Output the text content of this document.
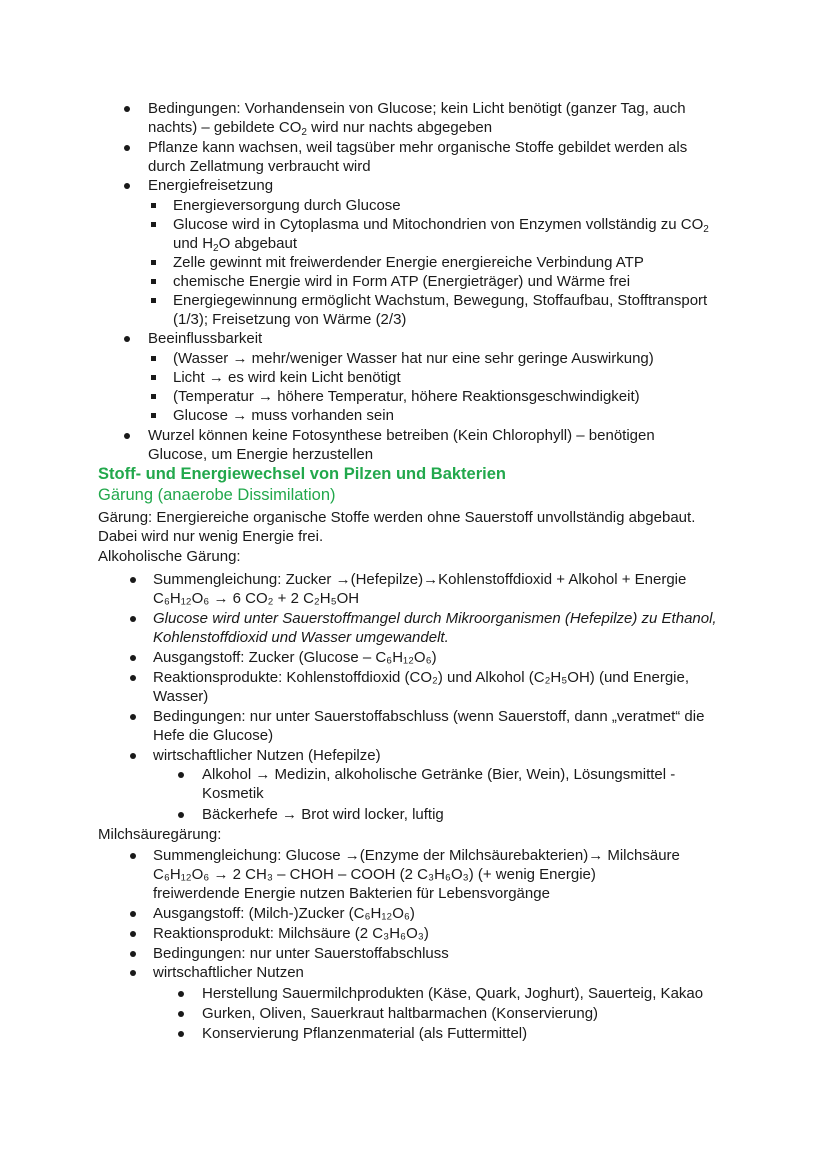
Bedingungen: Vorhandensein von Glucose; kein Licht benötigt (ganzer Tag, auch
nachts) – gebildete $CO_2$ wird nur nachts abgegeben
Pflanze kann wachsen, weil tagsüber mehr organische Stoffe gebildet werden als
durch Zellatmung verbraucht wird
Energiefreisetzung
Energieversorgung durch Glucose
Glucose wird in Cytoplasma und Mitochondrien von Enzymen vollständig zu $CO_2$
und $H_2O$ abgebaut
Zelle gewinnt mit freiwerdender Energie energiereiche Verbindung ATP
chemische Energie wird in Form ATP (Energieträger) und Wärme frei
Energiegewinnung ermöglicht Wachstum, Bewegung, Stoffaufbau, Stofftransport
(1/3); Freisetzung von Wärme (2/3)
Beeinflussbarkeit
(Wasser → mehr/weniger Wasser hat nur eine sehr geringe Auswirkung)
Licht → es wird kein Licht benötigt
(Temperatur → höhere Temperatur, höhere Reaktionsgeschwindigkeit)
Glucose → muss vorhanden sein
Wurzel können keine Fotosynthese betreiben (Kein Chlorophyll) – benötigen
Glucose, um Energie herzustellen
Stoff- und Energiewechsel von Pilzen und Bakterien
Gärung (anaerobe Dissimilation)
Gärung: Energiereiche organische Stoffe werden ohne Sauerstoff unvollständig abgebaut.
Dabei wird nur wenig Energie frei.
Alkoholische Gärung:
Summengleichung: Zucker →(Hefepilze)→Kohlenstoffdioxid + Alkohol + Energie
C₆H₁₂O₆ → 6 CO₂ + 2 C₂H₅OH
Glucose wird unter Sauerstoffmangel durch Mikroorganismen (Hefepilze) zu Ethanol,
Kohlenstoffdioxid und Wasser umgewandelt.
Ausgangstoff: Zucker (Glucose – C₆H₁₂O₆)
Reaktionsprodukte: Kohlenstoffdioxid (CO₂) und Alkohol (C₂H₅OH) (und Energie,
Wasser)
Bedingungen: nur unter Sauerstoffabschluss (wenn Sauerstoff, dann „veratmet“ die
Hefe die Glucose)
wirtschaftlicher Nutzen (Hefepilze)
Alkohol → Medizin, alkoholische Getränke (Bier, Wein), Lösungsmittel -
Kosmetik
Bäckerhefe → Brot wird locker, luftig
Milchsäuregärung:
Summengleichung: Glucose →(Enzyme der Milchsäurebakterien)→ Milchsäure
C₆H₁₂O₆ → 2 CH₃ – CHOH – COOH (2 C₃H₆O₃) (+ wenig Energie)
freiwerdende Energie nutzen Bakterien für Lebensvorgänge
Ausgangstoff: (Milch-)Zucker (C₆H₁₂O₆)
Reaktionsprodukt: Milchsäure (2 C₃H₆O₃)
Bedingungen: nur unter Sauerstoffabschluss
wirtschaftlicher Nutzen
Herstellung Sauermilchprodukten (Käse, Quark, Joghurt), Sauerteig, Kakao
Gurken, Oliven, Sauerkraut haltbarmachen (Konservierung)
Konservierung Pflanzenmaterial (als Futtermittel)
